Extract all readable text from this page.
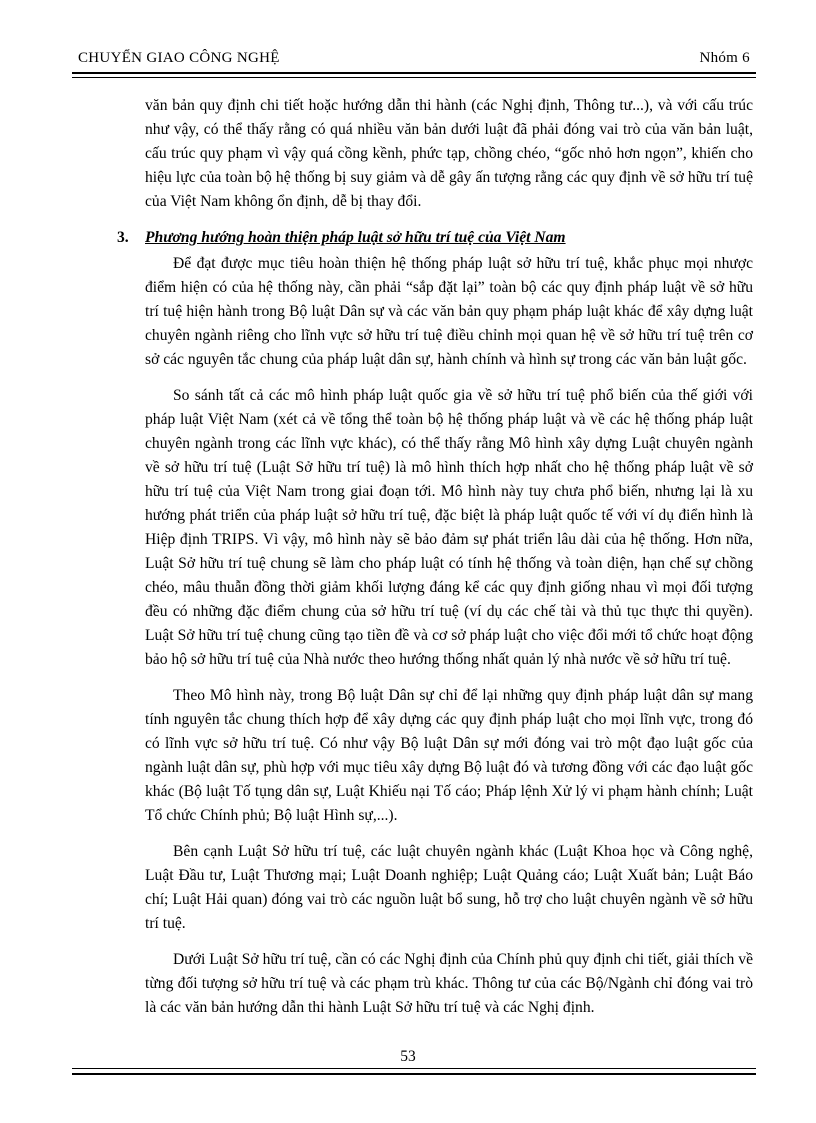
CHUYỂN GIAO CÔNG NGHỆ	Nhóm 6

văn bản quy định chi tiết hoặc hướng dẫn thi hành (các Nghị định, Thông tư...), và với cấu trúc như vậy, có thể thấy rằng có quá nhiều văn bản dưới luật đã phải đóng vai trò của văn bản luật, cấu trúc quy phạm vì vậy quá cồng kềnh, phức tạp, chồng chéo, “gốc nhỏ hơn ngọn”, khiến cho hiệu lực của toàn bộ hệ thống bị suy giảm và dễ gây ấn tượng rằng các quy định về sở hữu trí tuệ của Việt Nam không ổn định, dễ bị thay đổi.

3. Phương hướng hoàn thiện pháp luật sở hữu trí tuệ của Việt Nam

Để đạt được mục tiêu hoàn thiện hệ thống pháp luật sở hữu trí tuệ, khắc phục mọi nhược điểm hiện có của hệ thống này, cần phải “sắp đặt lại” toàn bộ các quy định pháp luật về sở hữu trí tuệ hiện hành trong Bộ luật Dân sự và các văn bản quy phạm pháp luật khác để xây dựng luật chuyên ngành riêng cho lĩnh vực sở hữu trí tuệ điều chỉnh mọi quan hệ về sở hữu trí tuệ trên cơ sở các nguyên tắc chung của pháp luật dân sự, hành chính và hình sự trong các văn bản luật gốc.

So sánh tất cả các mô hình pháp luật quốc gia về sở hữu trí tuệ phổ biến của thế giới với pháp luật Việt Nam (xét cả về tổng thể toàn bộ hệ thống pháp luật và về các hệ thống pháp luật chuyên ngành trong các lĩnh vực khác), có thể thấy rằng Mô hình xây dựng Luật chuyên ngành về sở hữu trí tuệ (Luật Sở hữu trí tuệ) là mô hình thích hợp nhất cho hệ thống pháp luật về sở hữu trí tuệ của Việt Nam trong giai đoạn tới. Mô hình này tuy chưa phổ biến, nhưng lại là xu hướng phát triển của pháp luật sở hữu trí tuệ, đặc biệt là pháp luật quốc tế với ví dụ điển hình là Hiệp định TRIPS. Vì vậy, mô hình này sẽ bảo đảm sự phát triển lâu dài của hệ thống. Hơn nữa, Luật Sở hữu trí tuệ chung sẽ làm cho pháp luật có tính hệ thống và toàn diện, hạn chế sự chồng chéo, mâu thuẫn đồng thời giảm khối lượng đáng kể các quy định giống nhau vì mọi đối tượng đều có những đặc điểm chung của sở hữu trí tuệ (ví dụ các chế tài và thủ tục thực thi quyền). Luật Sở hữu trí tuệ chung cũng tạo tiền đề và cơ sở pháp luật cho việc đổi mới tổ chức hoạt động bảo hộ sở hữu trí tuệ của Nhà nước theo hướng thống nhất quản lý nhà nước về sở hữu trí tuệ.

Theo Mô hình này, trong Bộ luật Dân sự chỉ để lại những quy định pháp luật dân sự mang tính nguyên tắc chung thích hợp để xây dựng các quy định pháp luật cho mọi lĩnh vực, trong đó có lĩnh vực sở hữu trí tuệ. Có như vậy Bộ luật Dân sự mới đóng vai trò một đạo luật gốc của ngành luật dân sự, phù hợp với mục tiêu xây dựng Bộ luật đó và tương đồng với các đạo luật gốc khác (Bộ luật Tố tụng dân sự, Luật Khiếu nại Tố cáo; Pháp lệnh Xử lý vi phạm hành chính; Luật Tổ chức Chính phủ; Bộ luật Hình sự,...).

Bên cạnh Luật Sở hữu trí tuệ, các luật chuyên ngành khác (Luật Khoa học và Công nghệ, Luật Đầu tư, Luật Thương mại; Luật Doanh nghiệp; Luật Quảng cáo; Luật Xuất bản; Luật Báo chí; Luật Hải quan) đóng vai trò các nguồn luật bổ sung, hỗ trợ cho luật chuyên ngành về sở hữu trí tuệ.

Dưới Luật Sở hữu trí tuệ, cần có các Nghị định của Chính phủ quy định chi tiết, giải thích về từng đối tượng sở hữu trí tuệ và các phạm trù khác. Thông tư của các Bộ/Ngành chỉ đóng vai trò là các văn bản hướng dẫn thi hành Luật Sở hữu trí tuệ và các Nghị định.

53
